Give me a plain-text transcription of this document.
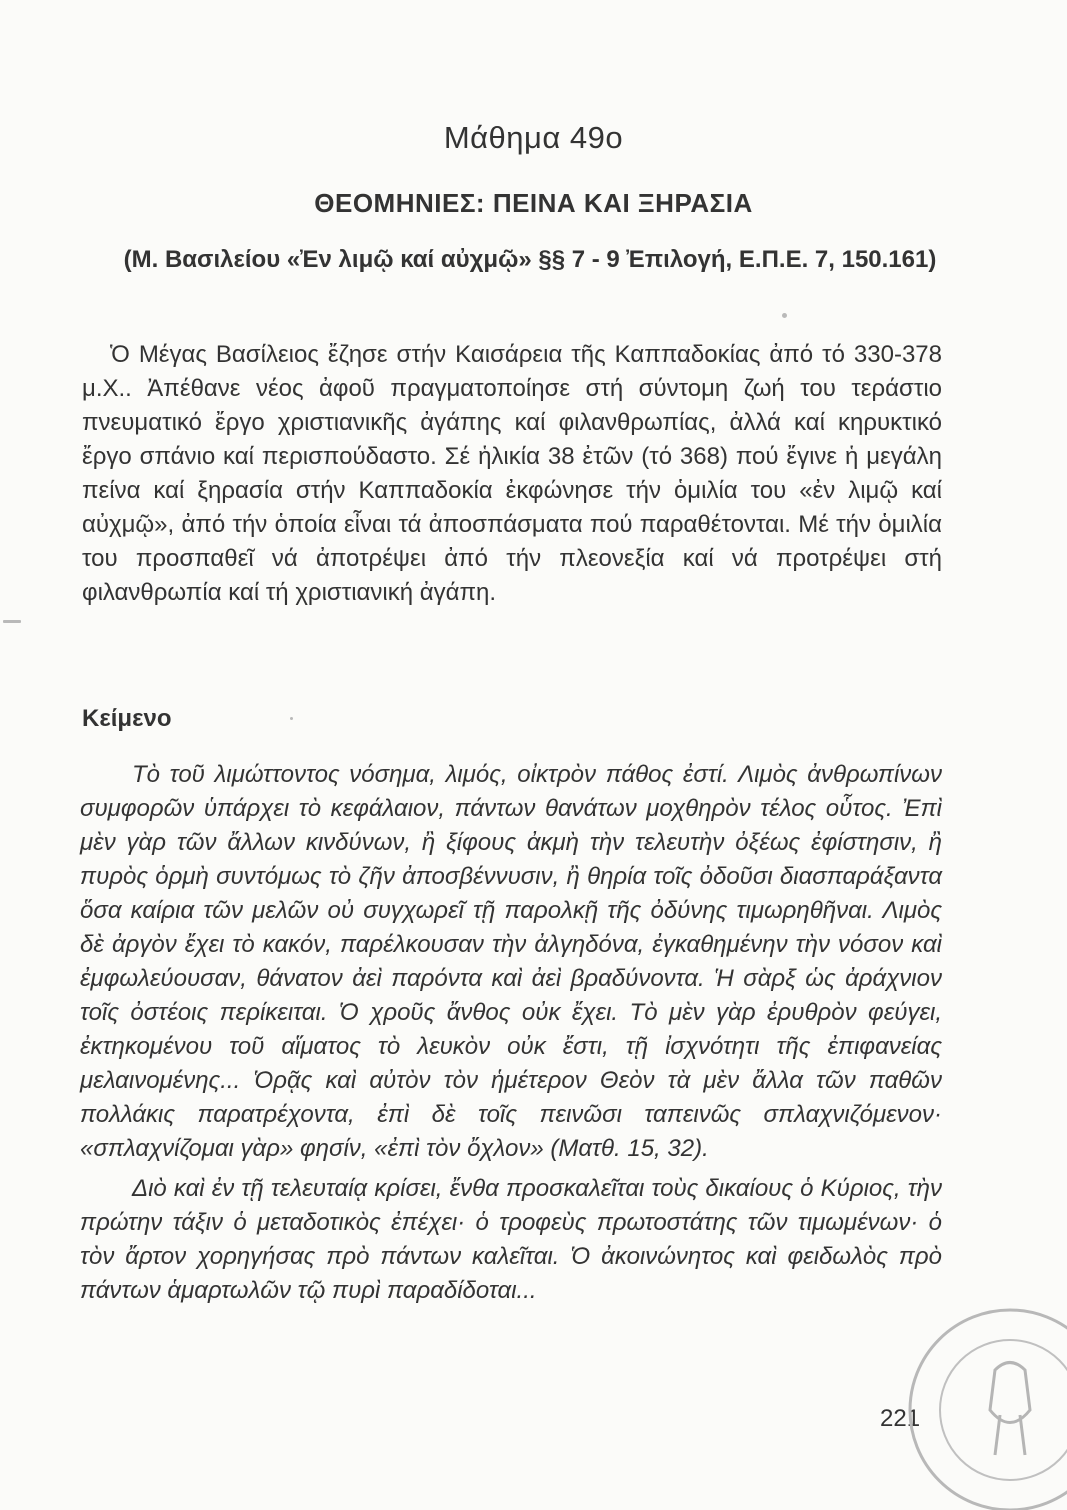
Μάθημα 49ο
ΘΕΟΜΗΝΙΕΣ: ΠΕΙΝΑ ΚΑΙ ΞΗΡΑΣΙΑ
(Μ. Βασιλείου «Ἐν λιμῷ καί αὐχμῷ» §§ 7 - 9 Ἐπιλογή, Ε.Π.Ε. 7, 150.161)

Ὁ Μέγας Βασίλειος ἔζησε στήν Καισάρεια τῆς Καππαδοκίας ἀπό τό 330-378 μ.Χ.. Ἀπέθανε νέος ἀφοῦ πραγματοποίησε στή σύντομη ζωή του τεράστιο πνευματικό ἔργο χριστιανικῆς ἀγάπης καί φιλανθρωπίας, ἀλλά καί κηρυκτικό ἔργο σπάνιο καί περισπούδαστο. Σέ ἡλικία 38 ἐτῶν (τό 368) πού ἔγινε ἡ μεγάλη πείνα καί ξηρασία στήν Καππαδοκία ἐκφώνησε τήν ὁμιλία του «ἐν λιμῷ καί αὐχμῷ», ἀπό τήν ὁποία εἶναι τά ἀποσπάσματα πού παραθέτονται. Μέ τήν ὁμιλία του προσπαθεῖ νά ἀποτρέψει ἀπό τήν πλεονεξία καί νά προτρέψει στή φιλανθρωπία καί τή χριστιανική ἀγάπη.

Κείμενο

Τὸ τοῦ λιμώττοντος νόσημα, λιμός, οἰκτρὸν πάθος ἐστί. Λιμὸς ἀνθρωπίνων συμφορῶν ὑπάρχει τὸ κεφάλαιον, πάντων θανάτων μοχθηρὸν τέλος οὗτος. Ἐπὶ μὲν γὰρ τῶν ἄλλων κινδύνων, ἢ ξίφους ἀκμὴ τὴν τελευτὴν ὀξέως ἐφίστησιν, ἢ πυρὸς ὁρμὴ συντόμως τὸ ζῆν ἀποσβέννυσιν, ἢ θηρία τοῖς ὀδοῦσι διασπαράξαντα ὅσα καίρια τῶν μελῶν οὐ συγχωρεῖ τῇ παρολκῇ τῆς ὀδύνης τιμωρηθῆναι. Λιμὸς δὲ ἀργὸν ἔχει τὸ κακόν, παρέλκουσαν τὴν ἀλγηδόνα, ἐγκαθημένην τὴν νόσον καὶ ἐμφωλεύουσαν, θάνατον ἀεὶ παρόντα καὶ ἀεὶ βραδύνοντα. Ἡ σὰρξ ὡς ἀράχνιον τοῖς ὀστέοις περίκειται. Ὁ χροῦς ἄνθος οὐκ ἔχει. Τὸ μὲν γὰρ ἐρυθρὸν φεύγει, ἐκτηκομένου τοῦ αἵματος τὸ λευκὸν οὐκ ἔστι, τῇ ἰσχνότητι τῆς ἐπιφανείας μελαινομένης... Ὁρᾷς καὶ αὐτὸν τὸν ἡμέτερον Θεὸν τὰ μὲν ἄλλα τῶν παθῶν πολλάκις παρατρέχοντα, ἐπὶ δὲ τοῖς πεινῶσι ταπεινῶς σπλαχνιζόμενον· «σπλαχνίζομαι γὰρ» φησίν, «ἐπὶ τὸν ὄχλον» (Ματθ. 15, 32).

Διὸ καὶ ἐν τῇ τελευταίᾳ κρίσει, ἔνθα προσκαλεῖται τοὺς δικαίους ὁ Κύριος, τὴν πρώτην τάξιν ὁ μεταδοτικὸς ἐπέχει· ὁ τροφεὺς πρωτοστάτης τῶν τιμωμένων· ὁ τὸν ἄρτον χορηγήσας πρὸ πάντων καλεῖται. Ὁ ἀκοινώνητος καὶ φειδωλὸς πρὸ πάντων ἁμαρτωλῶν τῷ πυρὶ παραδίδοται...

221
